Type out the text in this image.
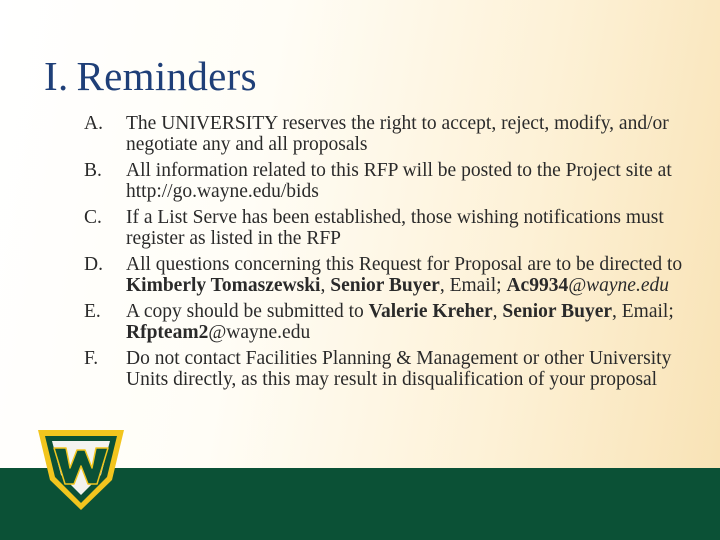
I. Reminders
A.	The UNIVERSITY reserves the right to accept, reject, modify, and/or negotiate any and all proposals
B.	All information related to this RFP will be posted to the Project site at http://go.wayne.edu/bids
C.	If a List Serve has been established, those wishing notifications must register as listed in the RFP
D.	All questions concerning this Request for Proposal are to be directed to Kimberly Tomaszewski, Senior Buyer, Email; Ac9934@wayne.edu
E.	A copy should be submitted to Valerie Kreher, Senior Buyer, Email; Rfpteam2@wayne.edu
F.	Do not contact Facilities Planning & Management or other University Units directly, as this may result in disqualification of your proposal
